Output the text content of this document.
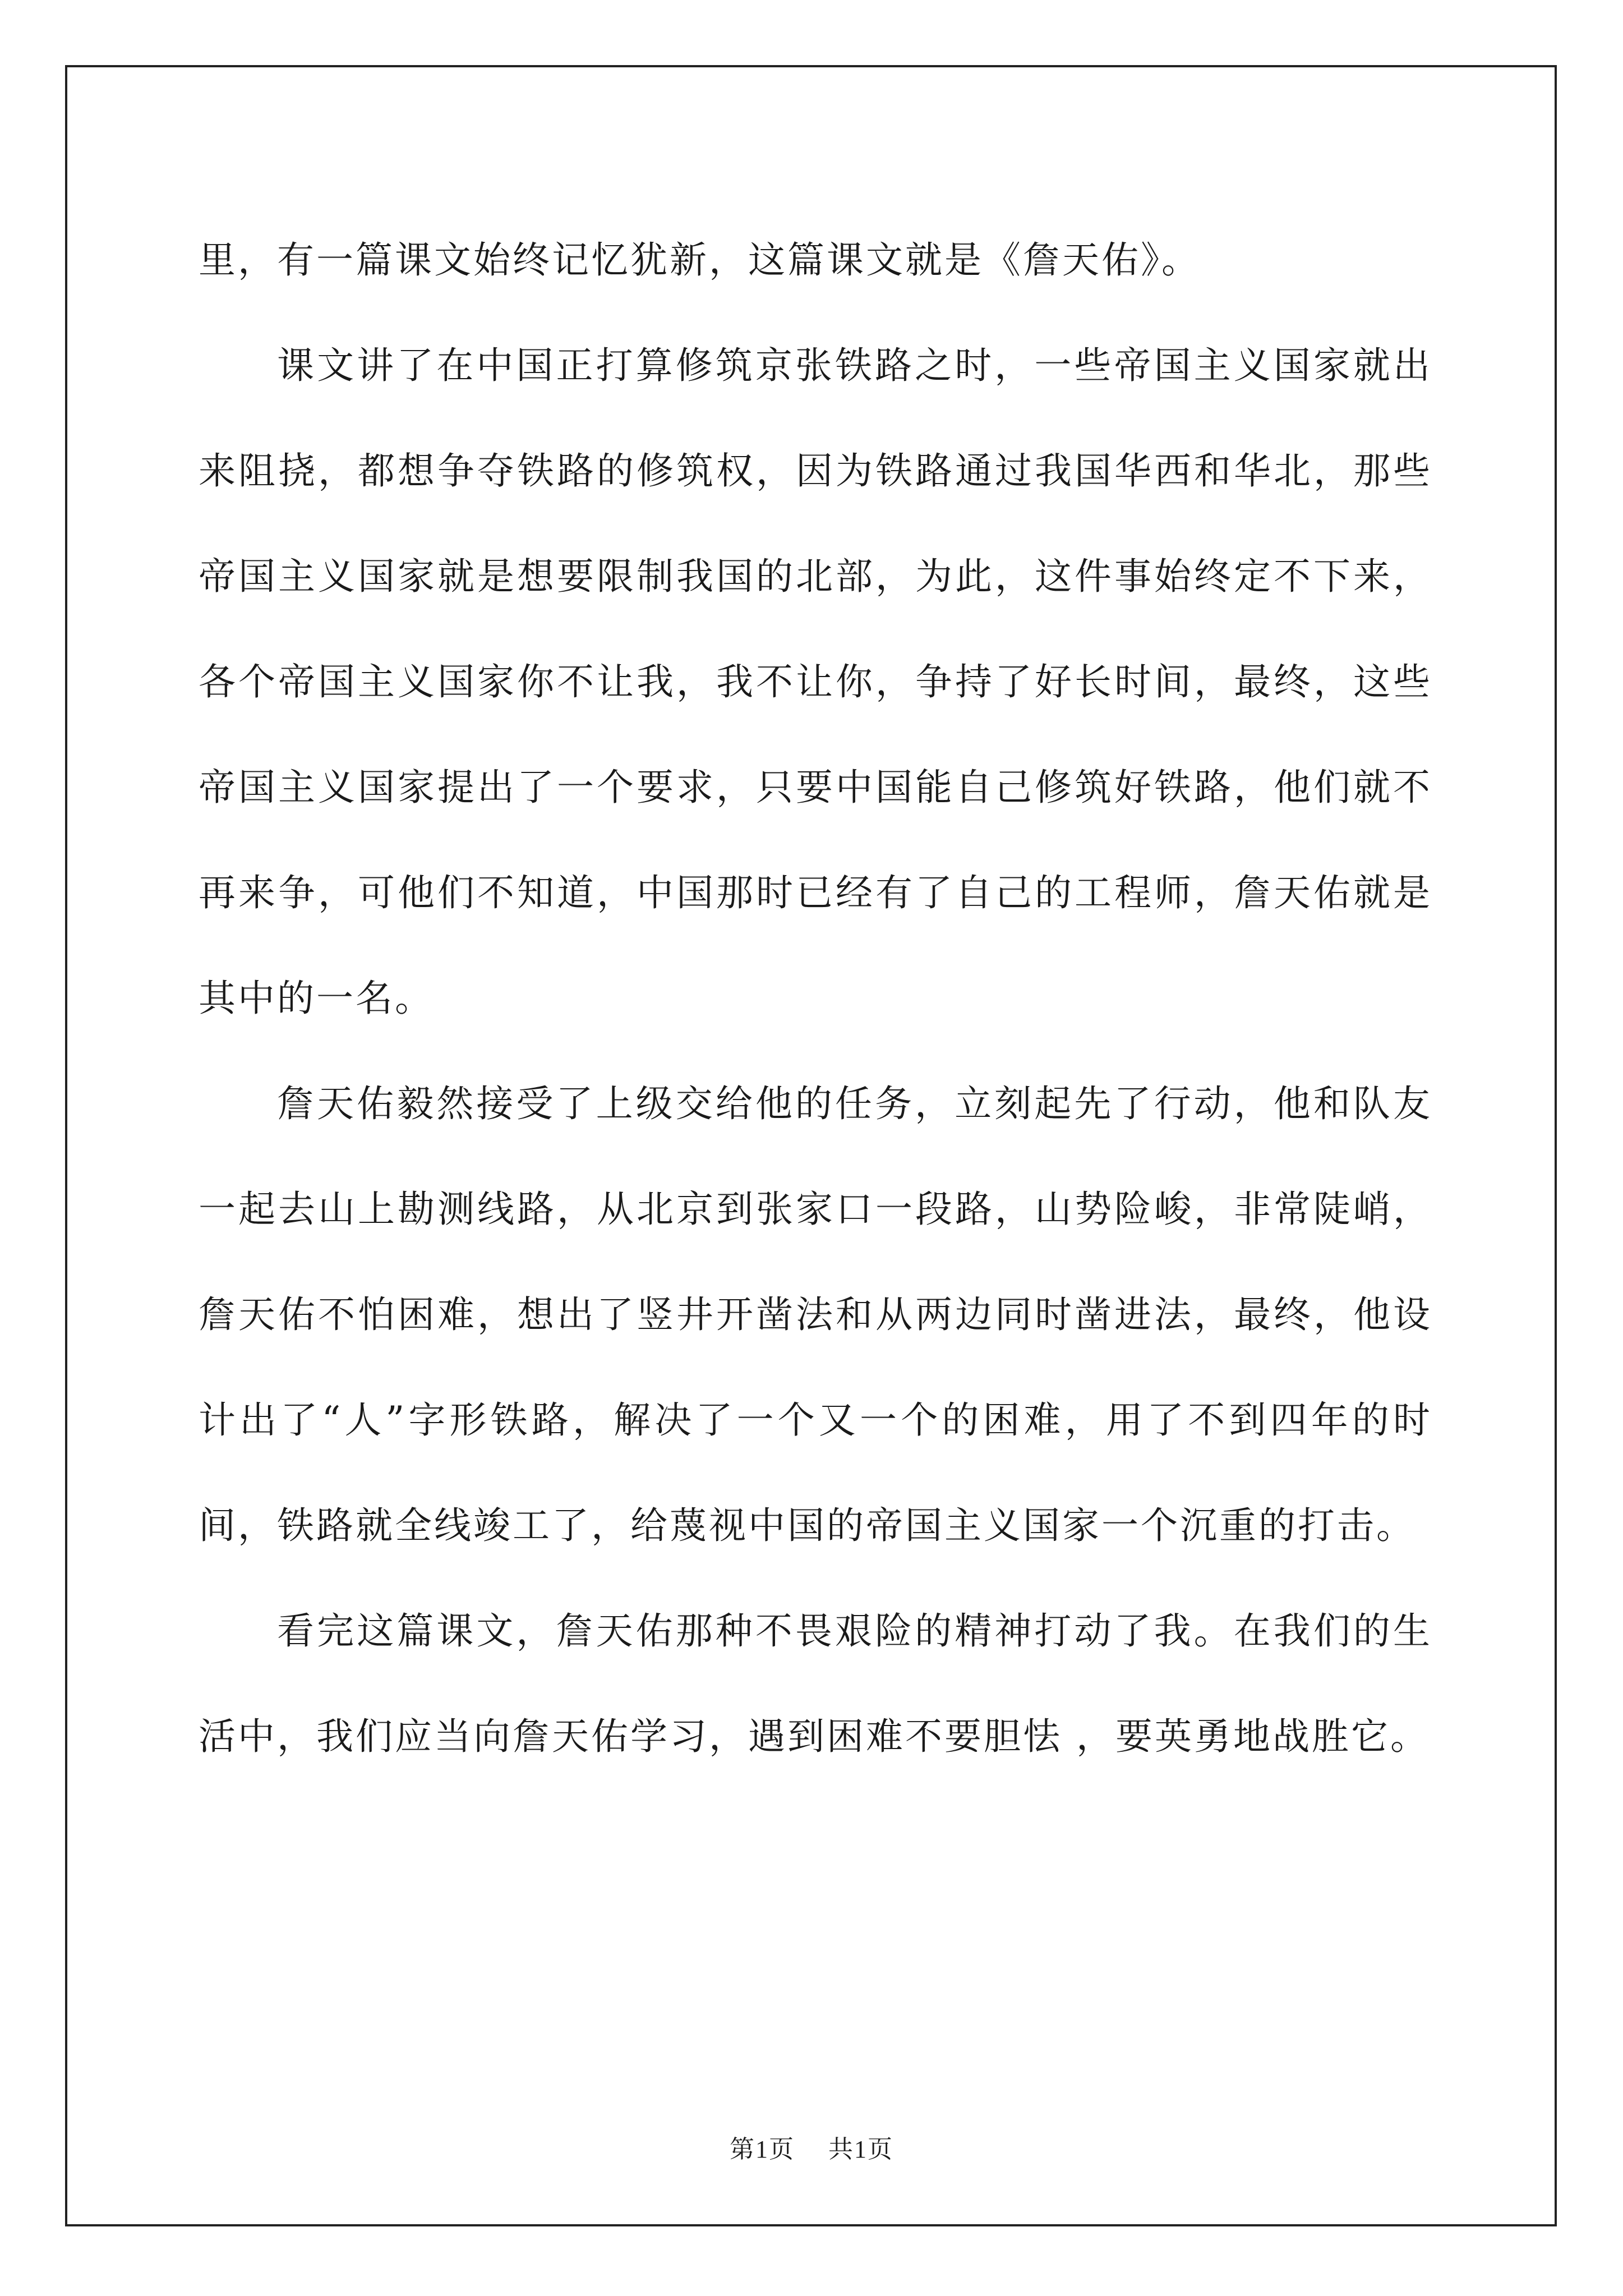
里，有一篇课文始终记忆犹新，这篇课文就是《詹天佑》。

课文讲了在中国正打算修筑京张铁路之时，一些帝国主义国家就出来阻挠，都想争夺铁路的修筑权，因为铁路通过我国华西和华北，那些帝国主义国家就是想要限制我国的北部，为此，这件事始终定不下来，各个帝国主义国家你不让我，我不让你，争持了好长时间，最终，这些帝国主义国家提出了一个要求，只要中国能自己修筑好铁路，他们就不再来争，可他们不知道，中国那时已经有了自己的工程师，詹天佑就是其中的一名。

詹天佑毅然接受了上级交给他的任务，立刻起先了行动，他和队友一起去山上勘测线路，从北京到张家口一段路，山势险峻，非常陡峭，詹天佑不怕困难，想出了竖井开凿法和从两边同时凿进法，最终，他设计出了“人”字形铁路，解决了一个又一个的困难，用了不到四年的时间，铁路就全线竣工了，给蔑视中国的帝国主义国家一个沉重的打击。

看完这篇课文，詹天佑那种不畏艰险的精神打动了我。在我们的生活中，我们应当向詹天佑学习，遇到困难不要胆怯 ，要英勇地战胜它。

第1页 共1页
